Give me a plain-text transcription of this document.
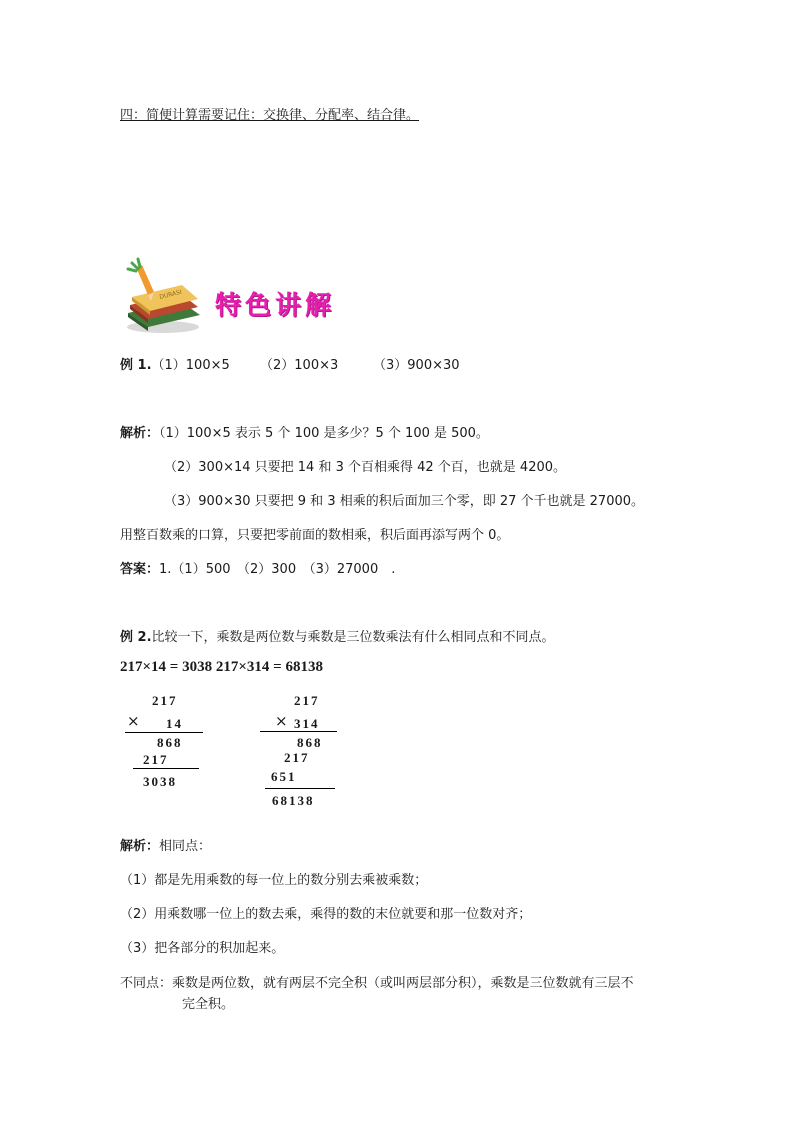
四：简便计算需要记住：交换律、分配率、结合律。
DURASI 特色讲解
例 1.（1）100×5 （2）100×3	（3）900×30
解析：（1）100×5 表示 5 个 100 是多少？5 个 100 是 500。
（2）300×14 只要把 14 和 3 个百相乘得 42 个百，也就是 4200。
（3）900×30 只要把 9 和 3 相乘的积后面加三个零，即 27 个千也就是 27000。
用整百数乘的口算，只要把零前面的数相乘，积后面再添写两个 0。
答案：1.（1）500　（2）300　（3）27000　.
例 2.比较一下，乘数是两位数与乘数是三位数乘法有什么相同点和不同点。
217×14 = 3038 217×314 = 68138
217
× 14
868
217
3038
217
× 314
868
217
651
68138
解析：相同点：
（1）都是先用乘数的每一位上的数分别去乘被乘数；
（2）用乘数哪一位上的数去乘，乘得的数的末位就要和那一位数对齐；
（3）把各部分的积加起来。
不同点：乘数是两位数，就有两层不完全积（或叫两层部分积），乘数是三位数就有三层不
完全积。
